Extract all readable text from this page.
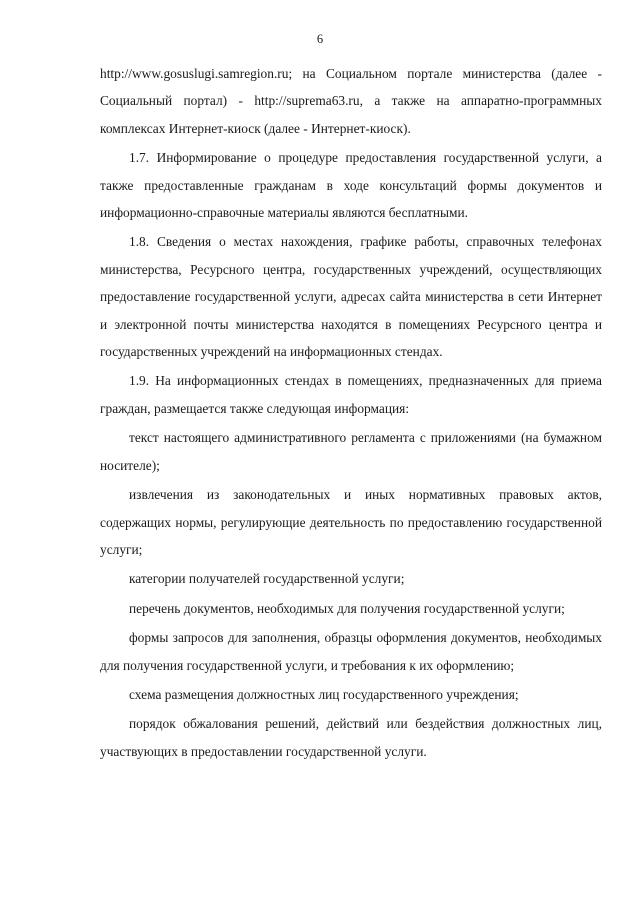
6

http://www.gosuslugi.samregion.ru; на Социальном портале министерства (далее - Социальный портал) - http://suprema63.ru, а также на аппаратно-программных комплексах Интернет-киоск (далее - Интернет-киоск).

1.7. Информирование о процедуре предоставления государственной услуги, а также предоставленные гражданам в ходе консультаций формы документов и информационно-справочные материалы являются бесплатными.

1.8. Сведения о местах нахождения, графике работы, справочных телефонах министерства, Ресурсного центра, государственных учреждений, осуществляющих предоставление государственной услуги, адресах сайта министерства в сети Интернет и электронной почты министерства находятся в помещениях Ресурсного центра и государственных учреждений на информационных стендах.

1.9. На информационных стендах в помещениях, предназначенных для приема граждан, размещается также следующая информация:

текст настоящего административного регламента с приложениями (на бумажном носителе);

извлечения из законодательных и иных нормативных правовых актов, содержащих нормы, регулирующие деятельность по предоставлению государственной услуги;

категории получателей государственной услуги;

перечень документов, необходимых для получения государственной услуги;

формы запросов для заполнения, образцы оформления документов, необходимых для получения государственной услуги, и требования к их оформлению;

схема размещения должностных лиц государственного учреждения;

порядок обжалования решений, действий или бездействия должностных лиц, участвующих в предоставлении государственной услуги.
